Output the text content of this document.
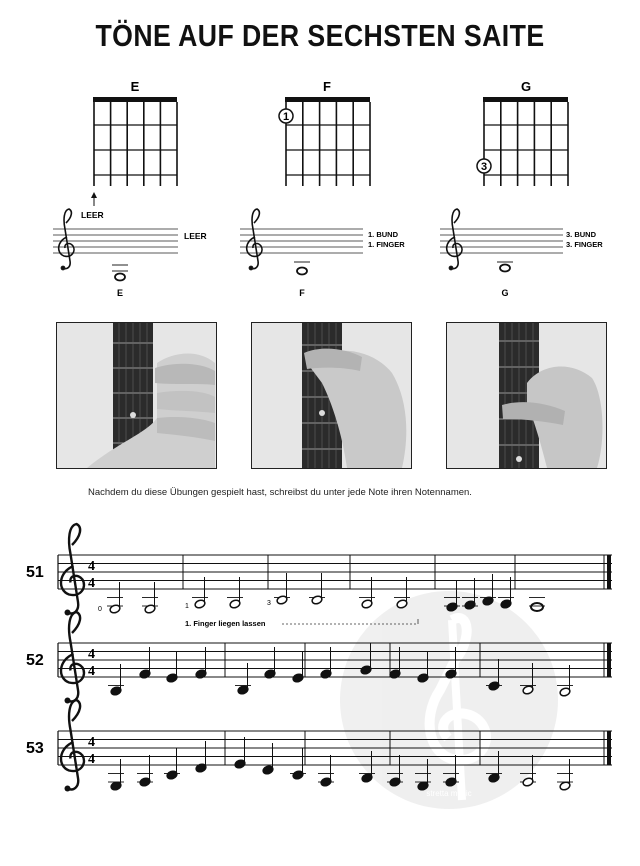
TÖNE AUF DER SECHSTEN SAITE
Nachdem du diese Übungen gespielt hast, schreibst du unter jede Note ihren Notennamen.
E	F	G
LEER
1
3
LEER
E
1. BUND
1. FINGER
F
3. BUND
3. FINGER
G
stretta music
4
4
4
4
4
4
51
52
53
0	1	3
1. Finger liegen lassen
